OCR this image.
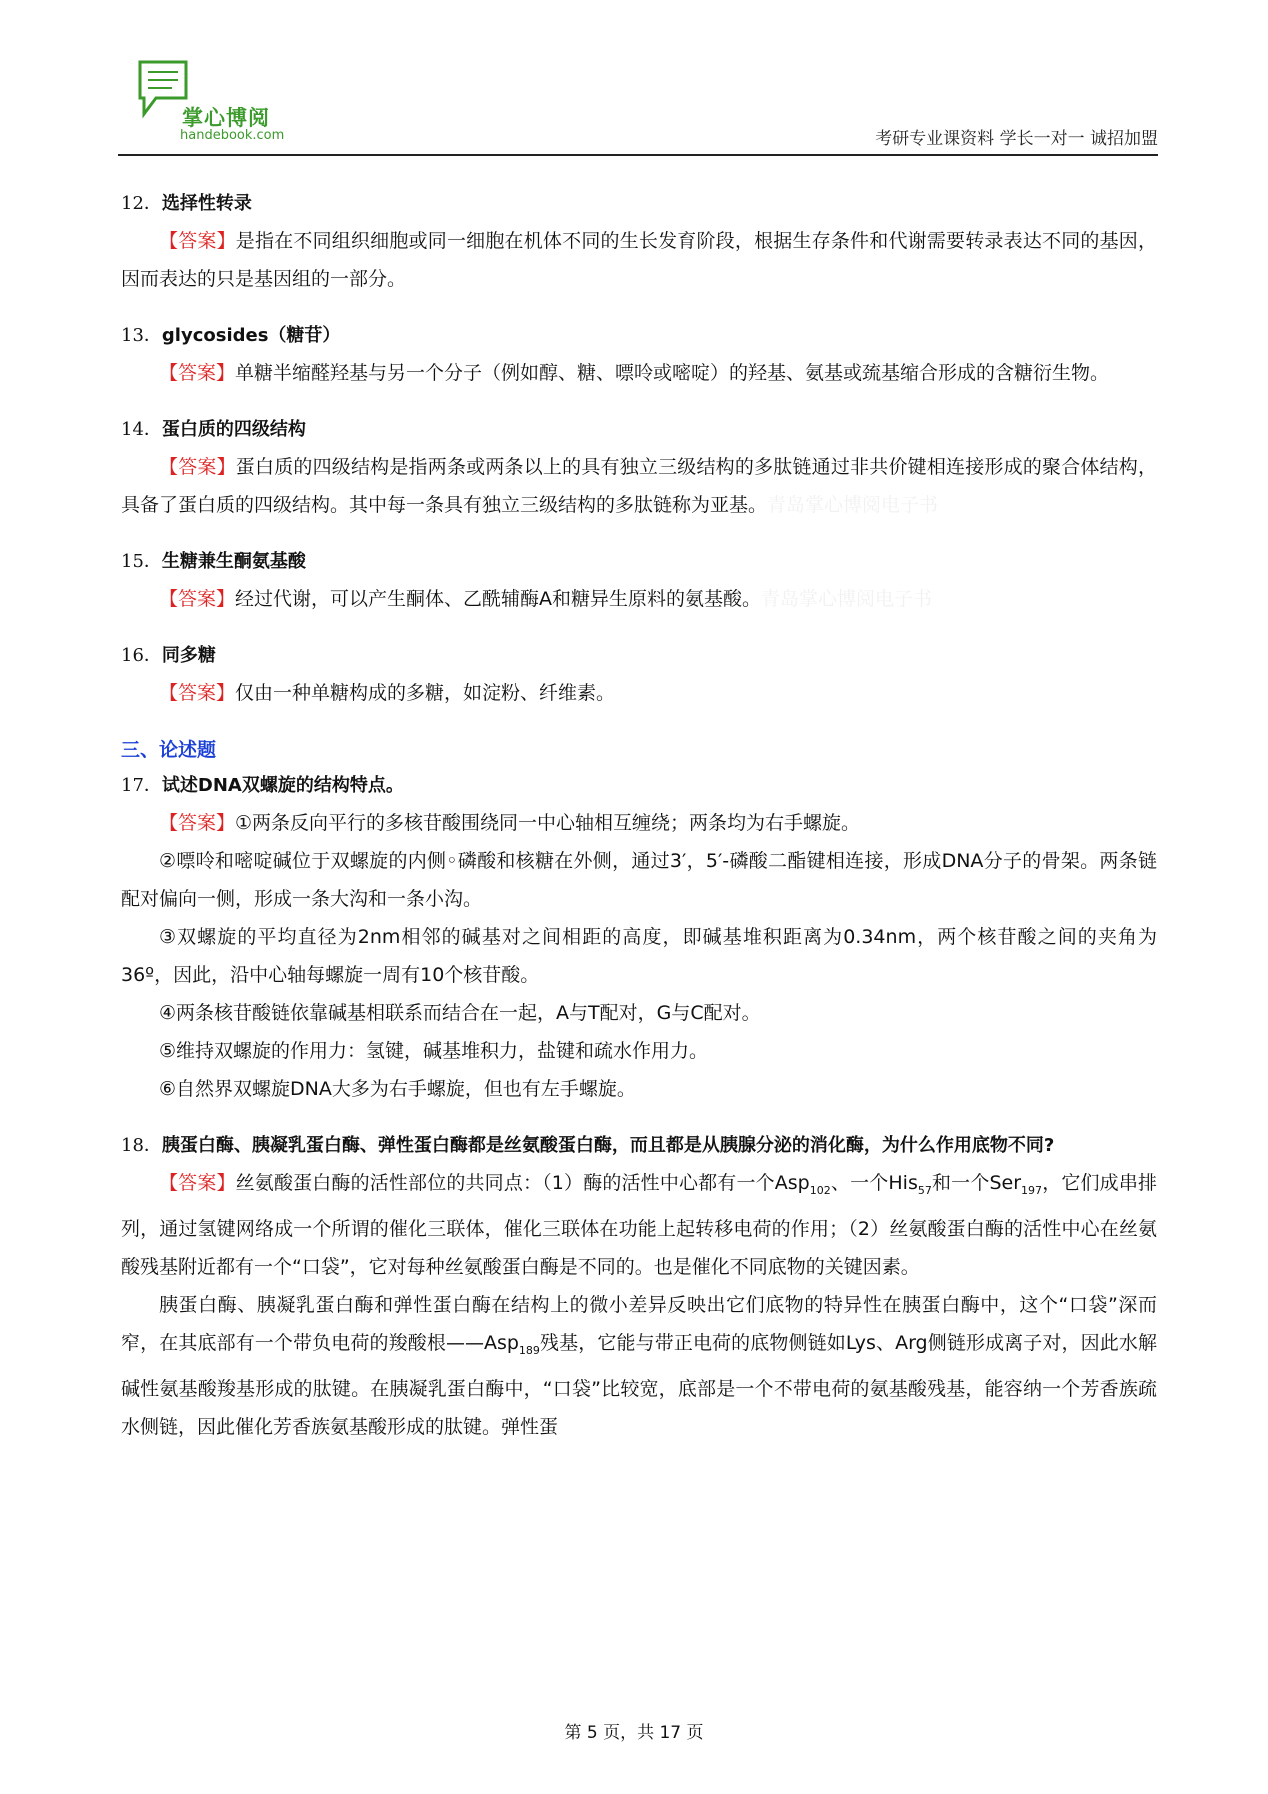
掌心博阅
handebook.com	考研专业课资料 学长一对一 诚招加盟

12．选择性转录

【答案】是指在不同组织细胞或同一细胞在机体不同的生长发育阶段，根据生存条件和代谢需要转录表达不同的基因，因而表达的只是基因组的一部分。

13．glycosides（糖苷）

【答案】单糖半缩醛羟基与另一个分子（例如醇、糖、嘌呤或嘧啶）的羟基、氨基或巯基缩合形成的含糖衍生物。

14．蛋白质的四级结构

【答案】蛋白质的四级结构是指两条或两条以上的具有独立三级结构的多肽链通过非共价键相连接形成的聚合体结构，具备了蛋白质的四级结构。其中每一条具有独立三级结构的多肽链称为亚基。青岛掌心博阅电子书

15．生糖兼生酮氨基酸

【答案】经过代谢，可以产生酮体、乙酰辅酶A和糖异生原料的氨基酸。青岛掌心博阅电子书

16．同多糖

【答案】仅由一种单糖构成的多糖，如淀粉、纤维素。

三、论述题

17．试述DNA双螺旋的结构特点。

【答案】①两条反向平行的多核苷酸围绕同一中心轴相互缠绕；两条均为右手螺旋。

②嘌呤和嘧啶碱位于双螺旋的内侧◦磷酸和核糖在外侧，通过3′，5′-磷酸二酯键相连接，形成DNA分子的骨架。两条链配对偏向一侧，形成一条大沟和一条小沟。

③双螺旋的平均直径为2nm相邻的碱基对之间相距的高度，即碱基堆积距离为0.34nm，两个核苷酸之间的夹角为36º，因此，沿中心轴每螺旋一周有10个核苷酸。

④两条核苷酸链依靠碱基相联系而结合在一起，A与T配对，G与C配对。

⑤维持双螺旋的作用力：氢键，碱基堆积力，盐键和疏水作用力。

⑥自然界双螺旋DNA大多为右手螺旋，但也有左手螺旋。

18．胰蛋白酶、胰凝乳蛋白酶、弹性蛋白酶都是丝氨酸蛋白酶，而且都是从胰腺分泌的消化酶，为什么作用底物不同?

【答案】丝氨酸蛋白酶的活性部位的共同点：（1）酶的活性中心都有一个Asp$_{102}$、一个His$_{57}$和一个Ser$_{197}$，它们成串排列，通过氢键网络成一个所谓的催化三联体，催化三联体在功能上起转移电荷的作用；（2）丝氨酸蛋白酶的活性中心在丝氨酸残基附近都有一个“口袋”，它对每种丝氨酸蛋白酶是不同的。也是催化不同底物的关键因素。

胰蛋白酶、胰凝乳蛋白酶和弹性蛋白酶在结构上的微小差异反映出它们底物的特异性在胰蛋白酶中，这个“口袋”深而窄，在其底部有一个带负电荷的羧酸根——Asp$_{189}$残基，它能与带正电荷的底物侧链如Lys、Arg侧链形成离子对，因此水解碱性氨基酸羧基形成的肽键。在胰凝乳蛋白酶中，“口袋”比较宽，底部是一个不带电荷的氨基酸残基，能容纳一个芳香族疏水侧链，因此催化芳香族氨基酸形成的肽键。弹性蛋

第 5 页，共 17 页
